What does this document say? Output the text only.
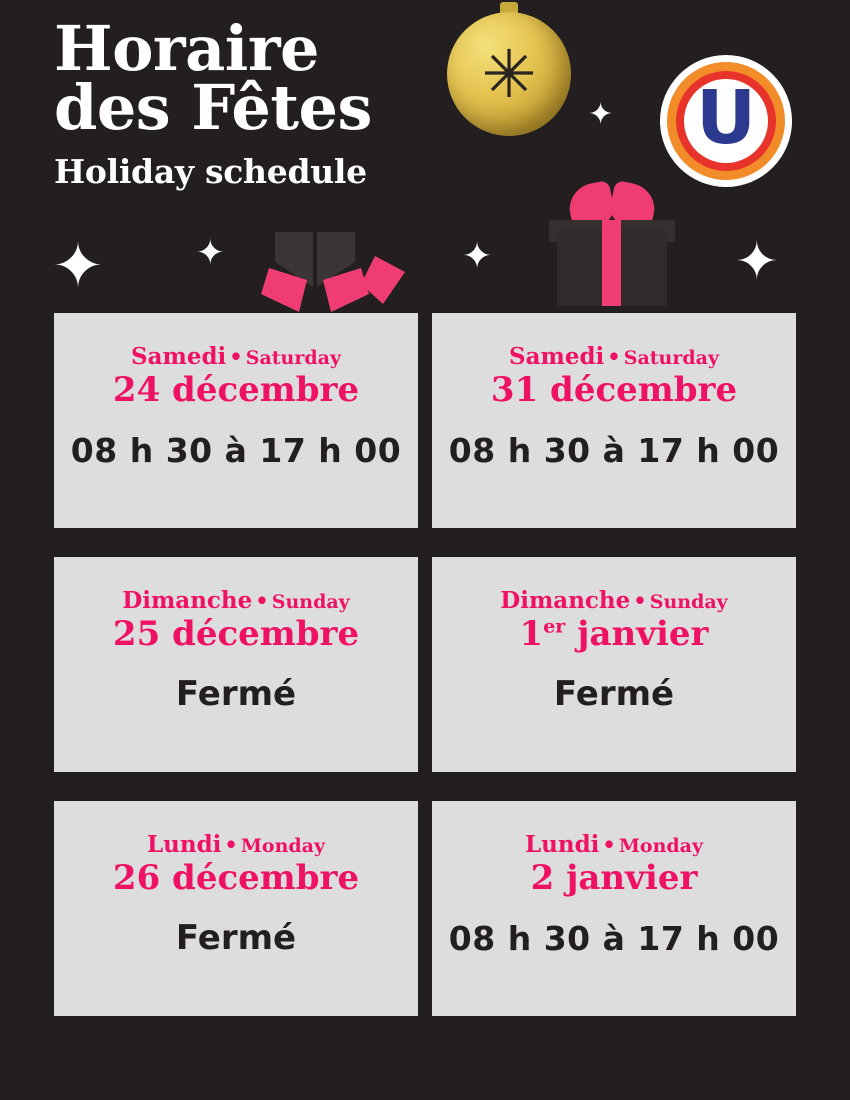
Horaire
des Fêtes
Holiday schedule
✳
U
✦	✦	✦
✦
✦
Samedi • Saturday
24 décembre
08 h 30 à 17 h 00
Samedi • Saturday
31 décembre
08 h 30 à 17 h 00
Dimanche • Sunday
25 décembre
Fermé
Dimanche • Sunday
1er janvier
Fermé
Lundi • Monday
26 décembre
Fermé
Lundi • Monday
2 janvier
08 h 30 à 17 h 00
